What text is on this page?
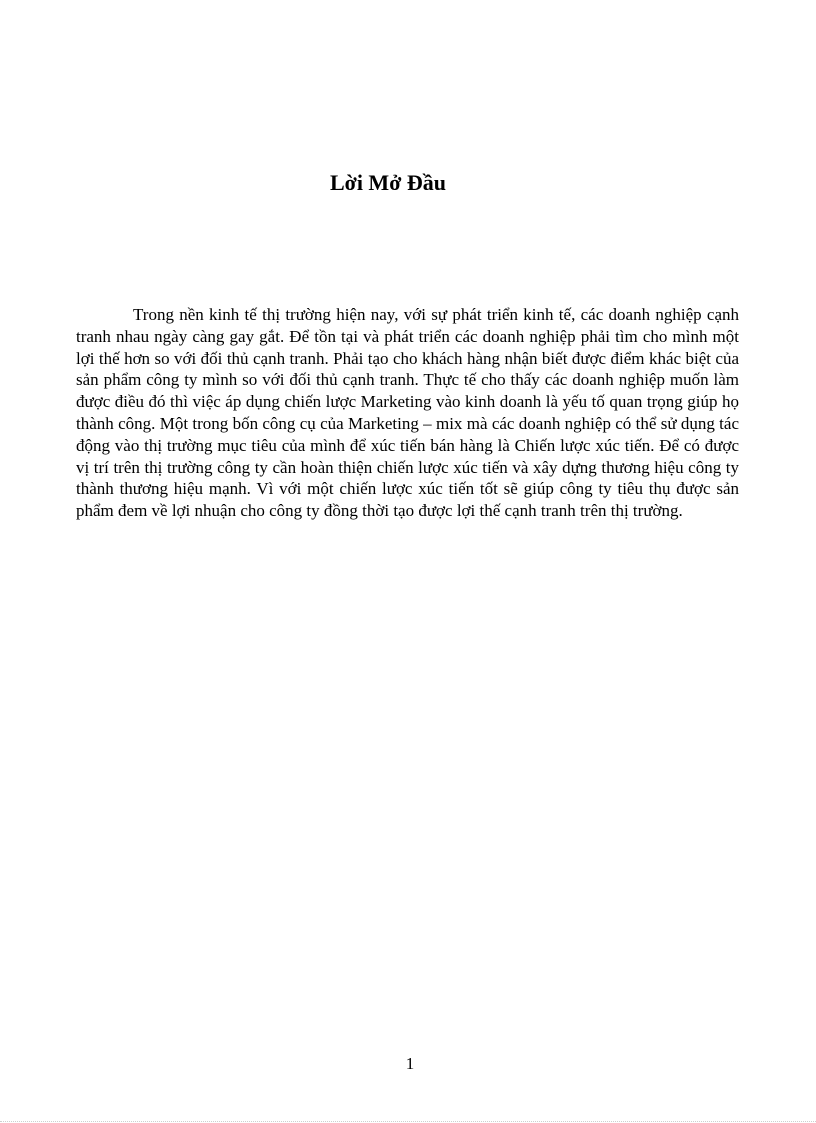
Lời Mở Đầu

Trong nền kinh tế thị trường hiện nay, với sự phát triển kinh tế, các doanh nghiệp cạnh tranh nhau ngày càng gay gắt. Để tồn tại và phát triển các doanh nghiệp phải tìm cho mình một lợi thế hơn so với đối thủ cạnh tranh. Phải tạo cho khách hàng nhận biết được điểm khác biệt của sản phẩm công ty mình so với đối thủ cạnh tranh. Thực tế cho thấy các doanh nghiệp muốn làm được điều đó thì việc áp dụng chiến lược Marketing vào kinh doanh là yếu tố quan trọng giúp họ thành công. Một trong bốn công cụ của Marketing – mix mà các doanh nghiệp có thể sử dụng tác động vào thị trường mục tiêu của mình để xúc tiến bán hàng là Chiến lược xúc tiến. Để có được vị trí trên thị trường công ty cần hoàn thiện chiến lược xúc tiến và xây dựng thương hiệu công ty thành thương hiệu mạnh. Vì với một chiến lược xúc tiến tốt sẽ giúp công ty tiêu thụ được sản phẩm đem về lợi nhuận cho công ty đồng thời tạo được lợi thế cạnh tranh trên thị trường.

1
